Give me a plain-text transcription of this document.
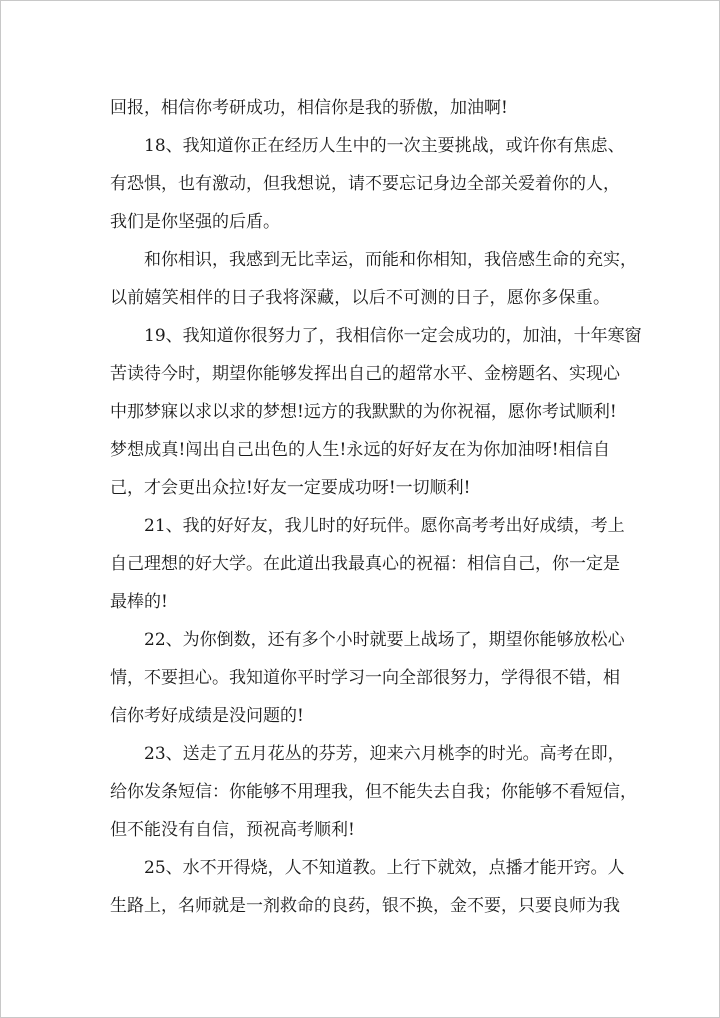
回报，相信你考研成功，相信你是我的骄傲，加油啊!
18、我知道你正在经历人生中的一次主要挑战，或许你有焦虑、
有恐惧，也有激动，但我想说，请不要忘记身边全部关爱着你的人，
我们是你坚强的后盾。
和你相识，我感到无比幸运，而能和你相知，我倍感生命的充实，
以前嬉笑相伴的日子我将深藏，以后不可测的日子，愿你多保重。
19、我知道你很努力了，我相信你一定会成功的，加油，十年寒窗
苦读待今时，期望你能够发挥出自己的超常水平、金榜题名、实现心
中那梦寐以求以求的梦想!远方的我默默的为你祝福，愿你考试顺利!
梦想成真!闯出自己出色的人生!永远的好好友在为你加油呀!相信自
己，才会更出众拉!好友一定要成功呀!一切顺利!
21、我的好好友，我儿时的好玩伴。愿你高考考出好成绩，考上
自己理想的好大学。在此道出我最真心的祝福：相信自己，你一定是
最棒的!
22、为你倒数，还有多个小时就要上战场了，期望你能够放松心
情，不要担心。我知道你平时学习一向全部很努力，学得很不错，相
信你考好成绩是没问题的!
23、送走了五月花丛的芬芳，迎来六月桃李的时光。高考在即，
给你发条短信：你能够不用理我，但不能失去自我；你能够不看短信，
但不能没有自信，预祝高考顺利!
25、水不开得烧，人不知道教。上行下就效，点播才能开窍。人
生路上，名师就是一剂救命的良药，银不换，金不要，只要良师为我
